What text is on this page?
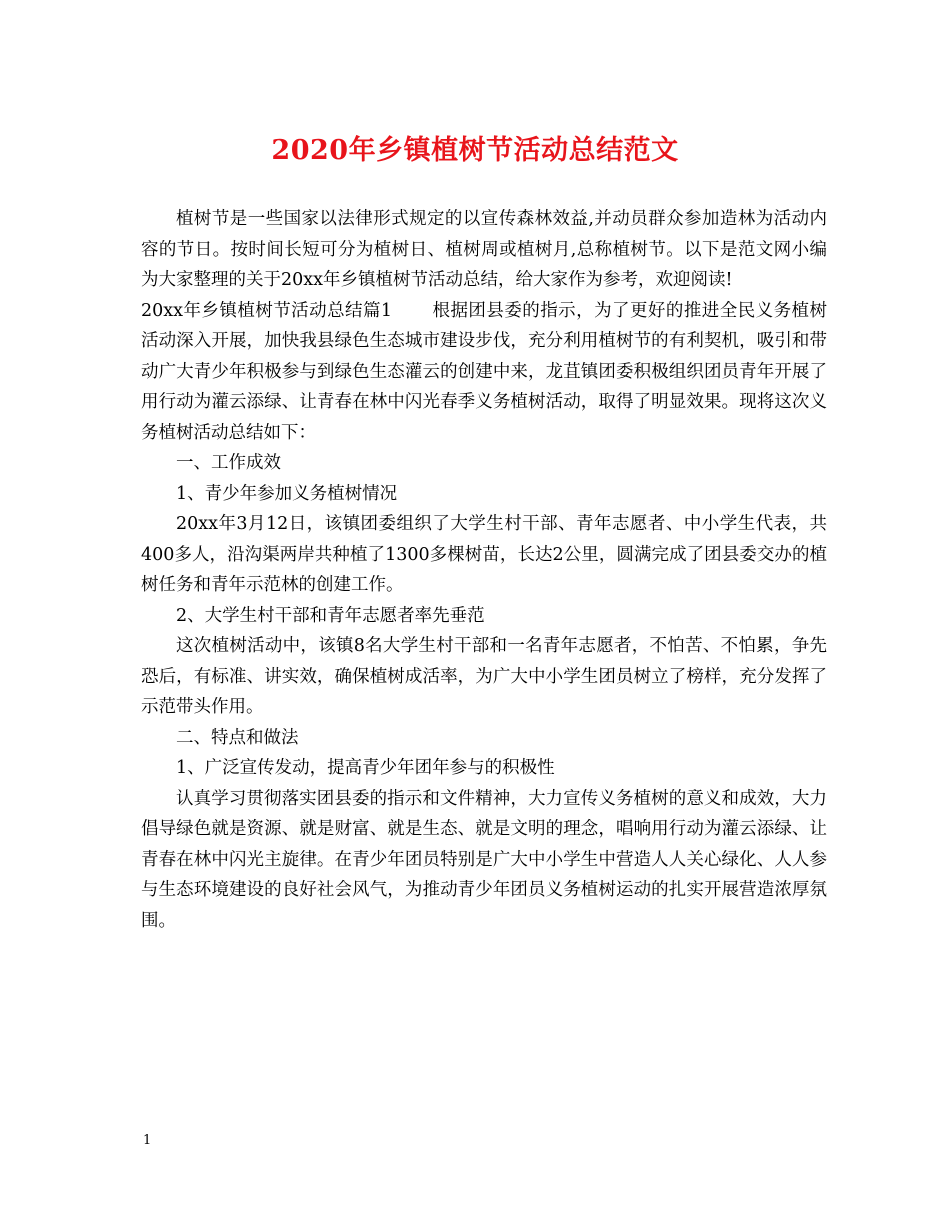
2020年乡镇植树节活动总结范文

植树节是一些国家以法律形式规定的以宣传森林效益,并动员群众参加造林为活动内容的节日。按时间长短可分为植树日、植树周或植树月,总称植树节。以下是范文网小编为大家整理的关于20xx年乡镇植树节活动总结，给大家作为参考，欢迎阅读!

20xx年乡镇植树节活动总结篇1 根据团县委的指示，为了更好的推进全民义务植树活动深入开展，加快我县绿色生态城市建设步伐，充分利用植树节的有利契机，吸引和带动广大青少年积极参与到绿色生态灌云的创建中来，龙苴镇团委积极组织团员青年开展了用行动为灌云添绿、让青春在林中闪光春季义务植树活动，取得了明显效果。现将这次义务植树活动总结如下：

一、工作成效

1、青少年参加义务植树情况

20xx年3月12日，该镇团委组织了大学生村干部、青年志愿者、中小学生代表，共400多人，沿沟渠两岸共种植了1300多棵树苗，长达2公里，圆满完成了团县委交办的植树任务和青年示范林的创建工作。

2、大学生村干部和青年志愿者率先垂范

这次植树活动中，该镇8名大学生村干部和一名青年志愿者，不怕苦、不怕累，争先恐后，有标准、讲实效，确保植树成活率，为广大中小学生团员树立了榜样，充分发挥了示范带头作用。

二、特点和做法

1、广泛宣传发动，提高青少年团年参与的积极性

认真学习贯彻落实团县委的指示和文件精神，大力宣传义务植树的意义和成效，大力倡导绿色就是资源、就是财富、就是生态、就是文明的理念，唱响用行动为灌云添绿、让青春在林中闪光主旋律。在青少年团员特别是广大中小学生中营造人人关心绿化、人人参与生态环境建设的良好社会风气，为推动青少年团员义务植树运动的扎实开展营造浓厚氛围。

1
